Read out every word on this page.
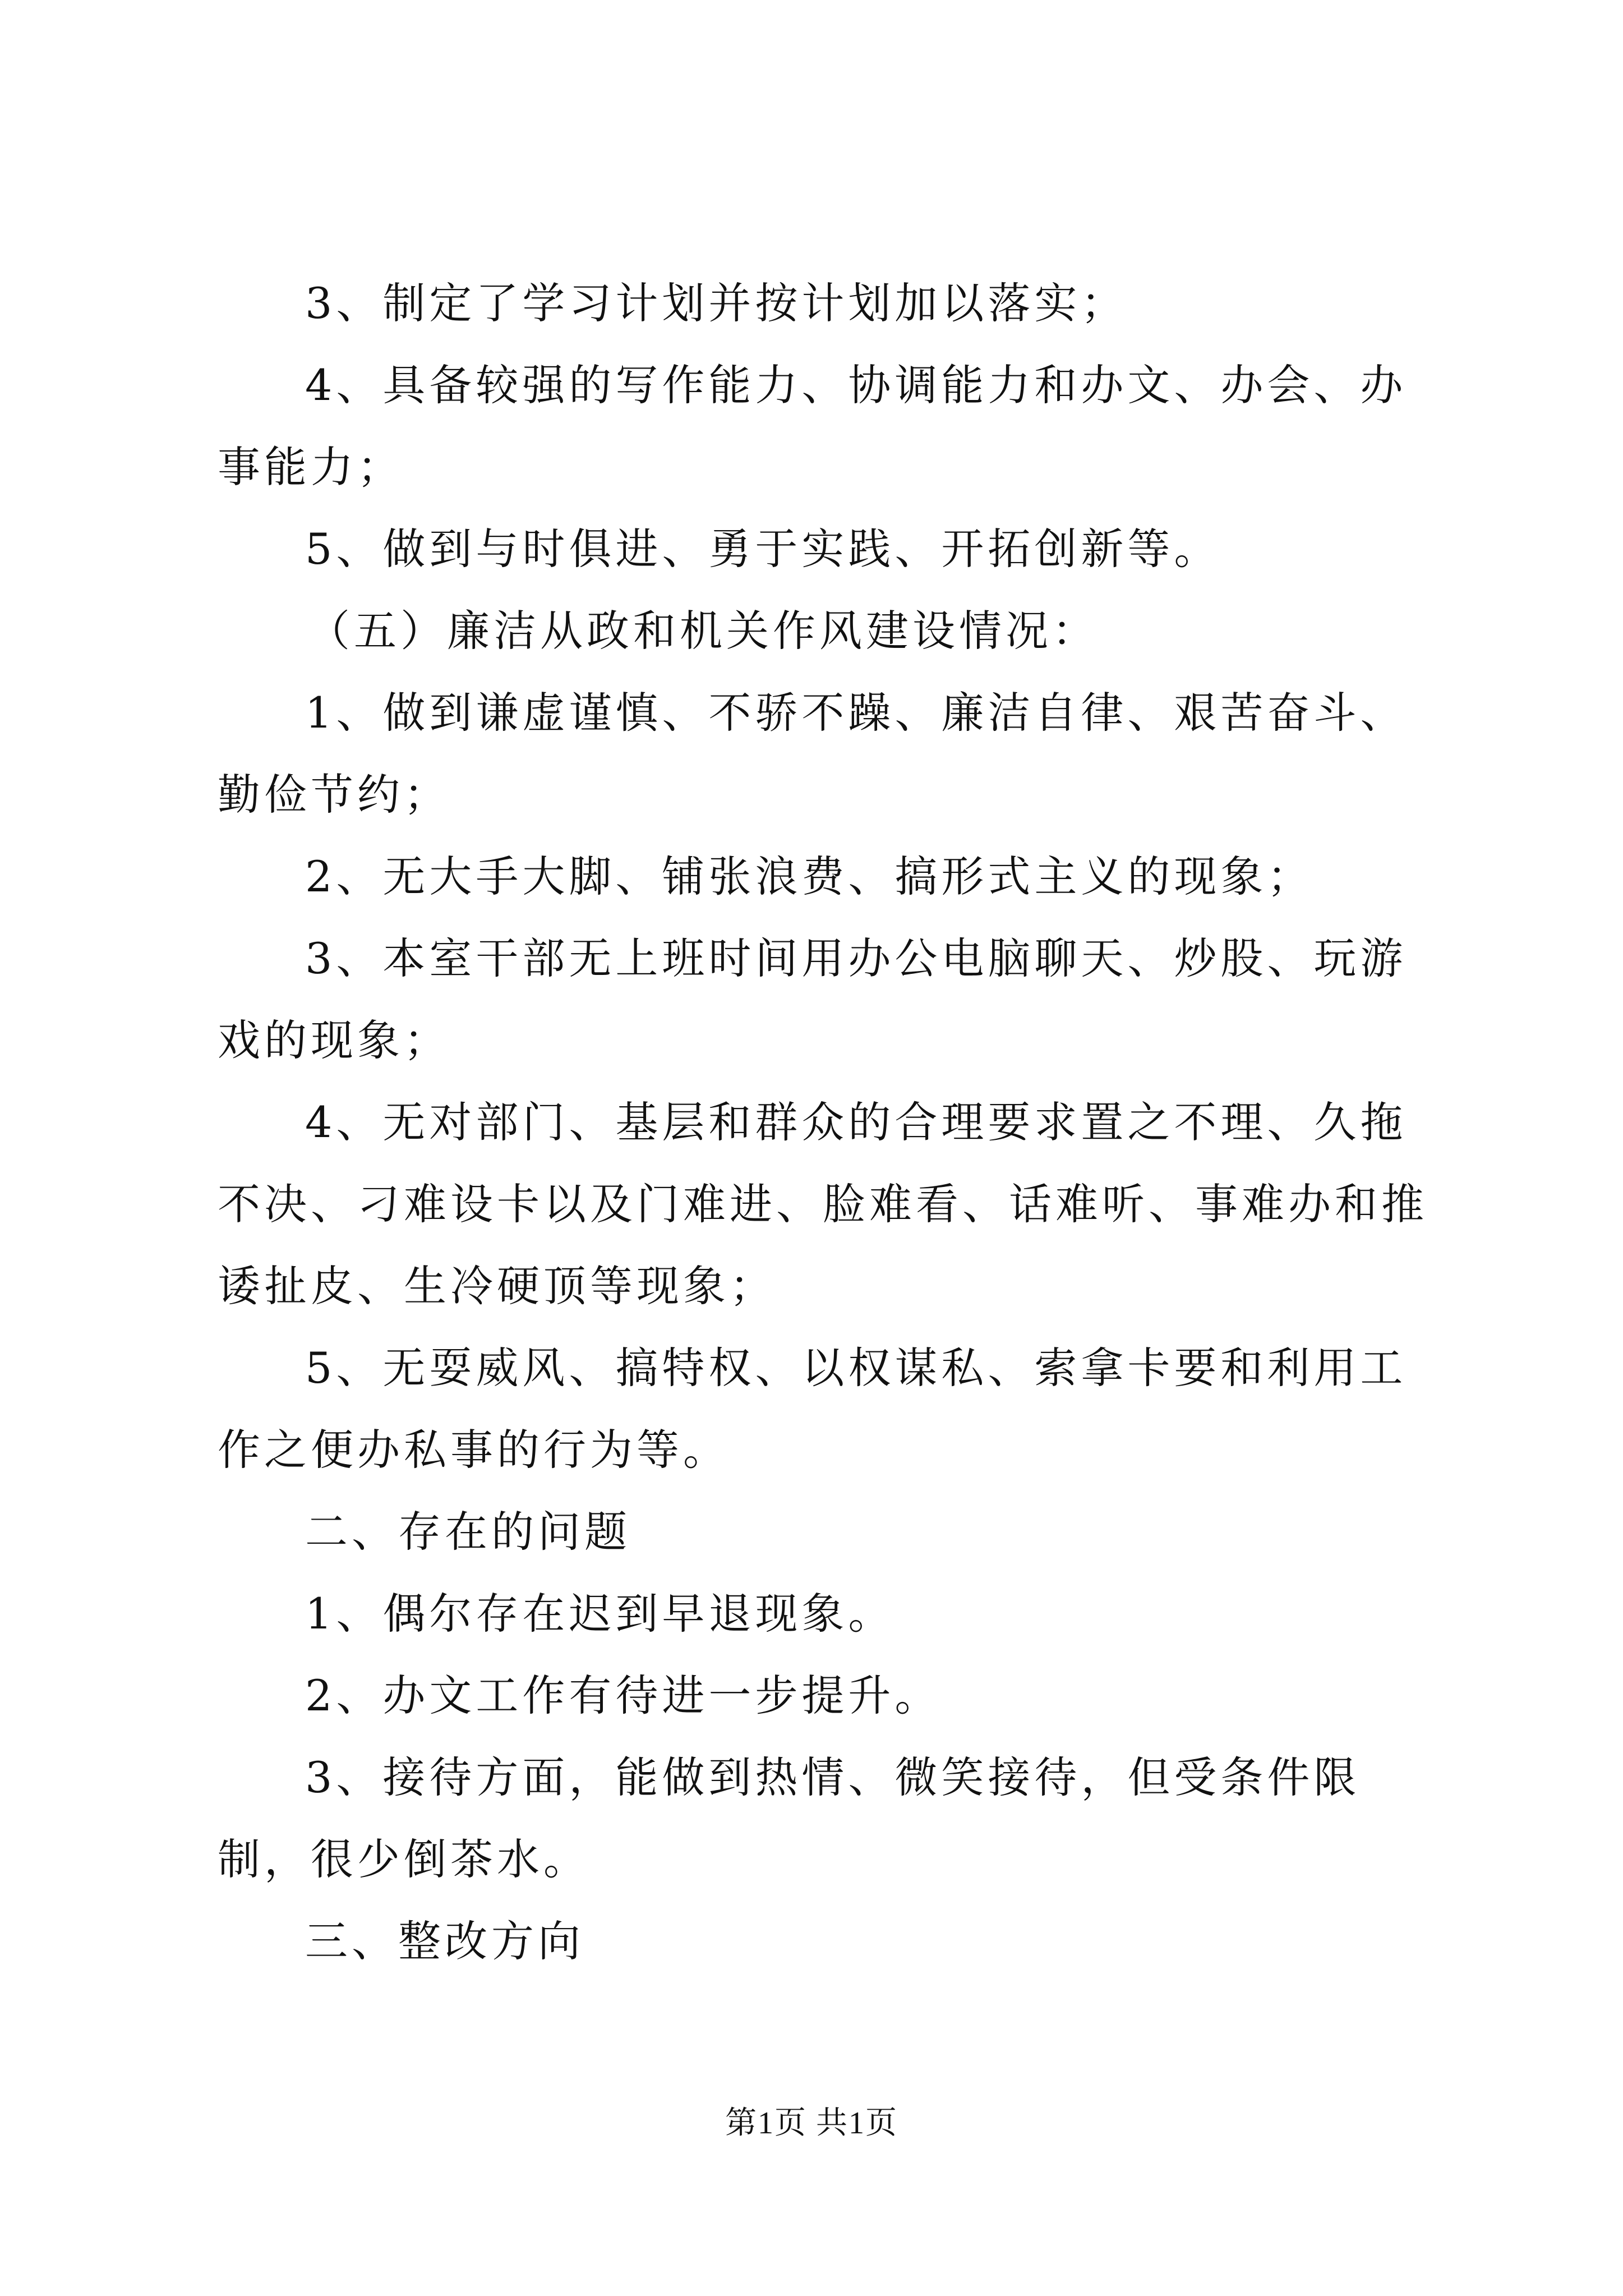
3、制定了学习计划并按计划加以落实；

4、具备较强的写作能力、协调能力和办文、办会、办事能力；

5、做到与时俱进、勇于实践、开拓创新等。

（五）廉洁从政和机关作风建设情况：

1、做到谦虚谨慎、不骄不躁、廉洁自律、艰苦奋斗、勤俭节约；

2、无大手大脚、铺张浪费、搞形式主义的现象；

3、本室干部无上班时间用办公电脑聊天、炒股、玩游戏的现象；

4、无对部门、基层和群众的合理要求置之不理、久拖不决、刁难设卡以及门难进、脸难看、话难听、事难办和推诿扯皮、生冷硬顶等现象；

5、无耍威风、搞特权、以权谋私、索拿卡要和利用工作之便办私事的行为等。

二、存在的问题

1、偶尔存在迟到早退现象。

2、办文工作有待进一步提升。

3、接待方面，能做到热情、微笑接待，但受条件限制，很少倒茶水。

三、整改方向

第1页 共1页
